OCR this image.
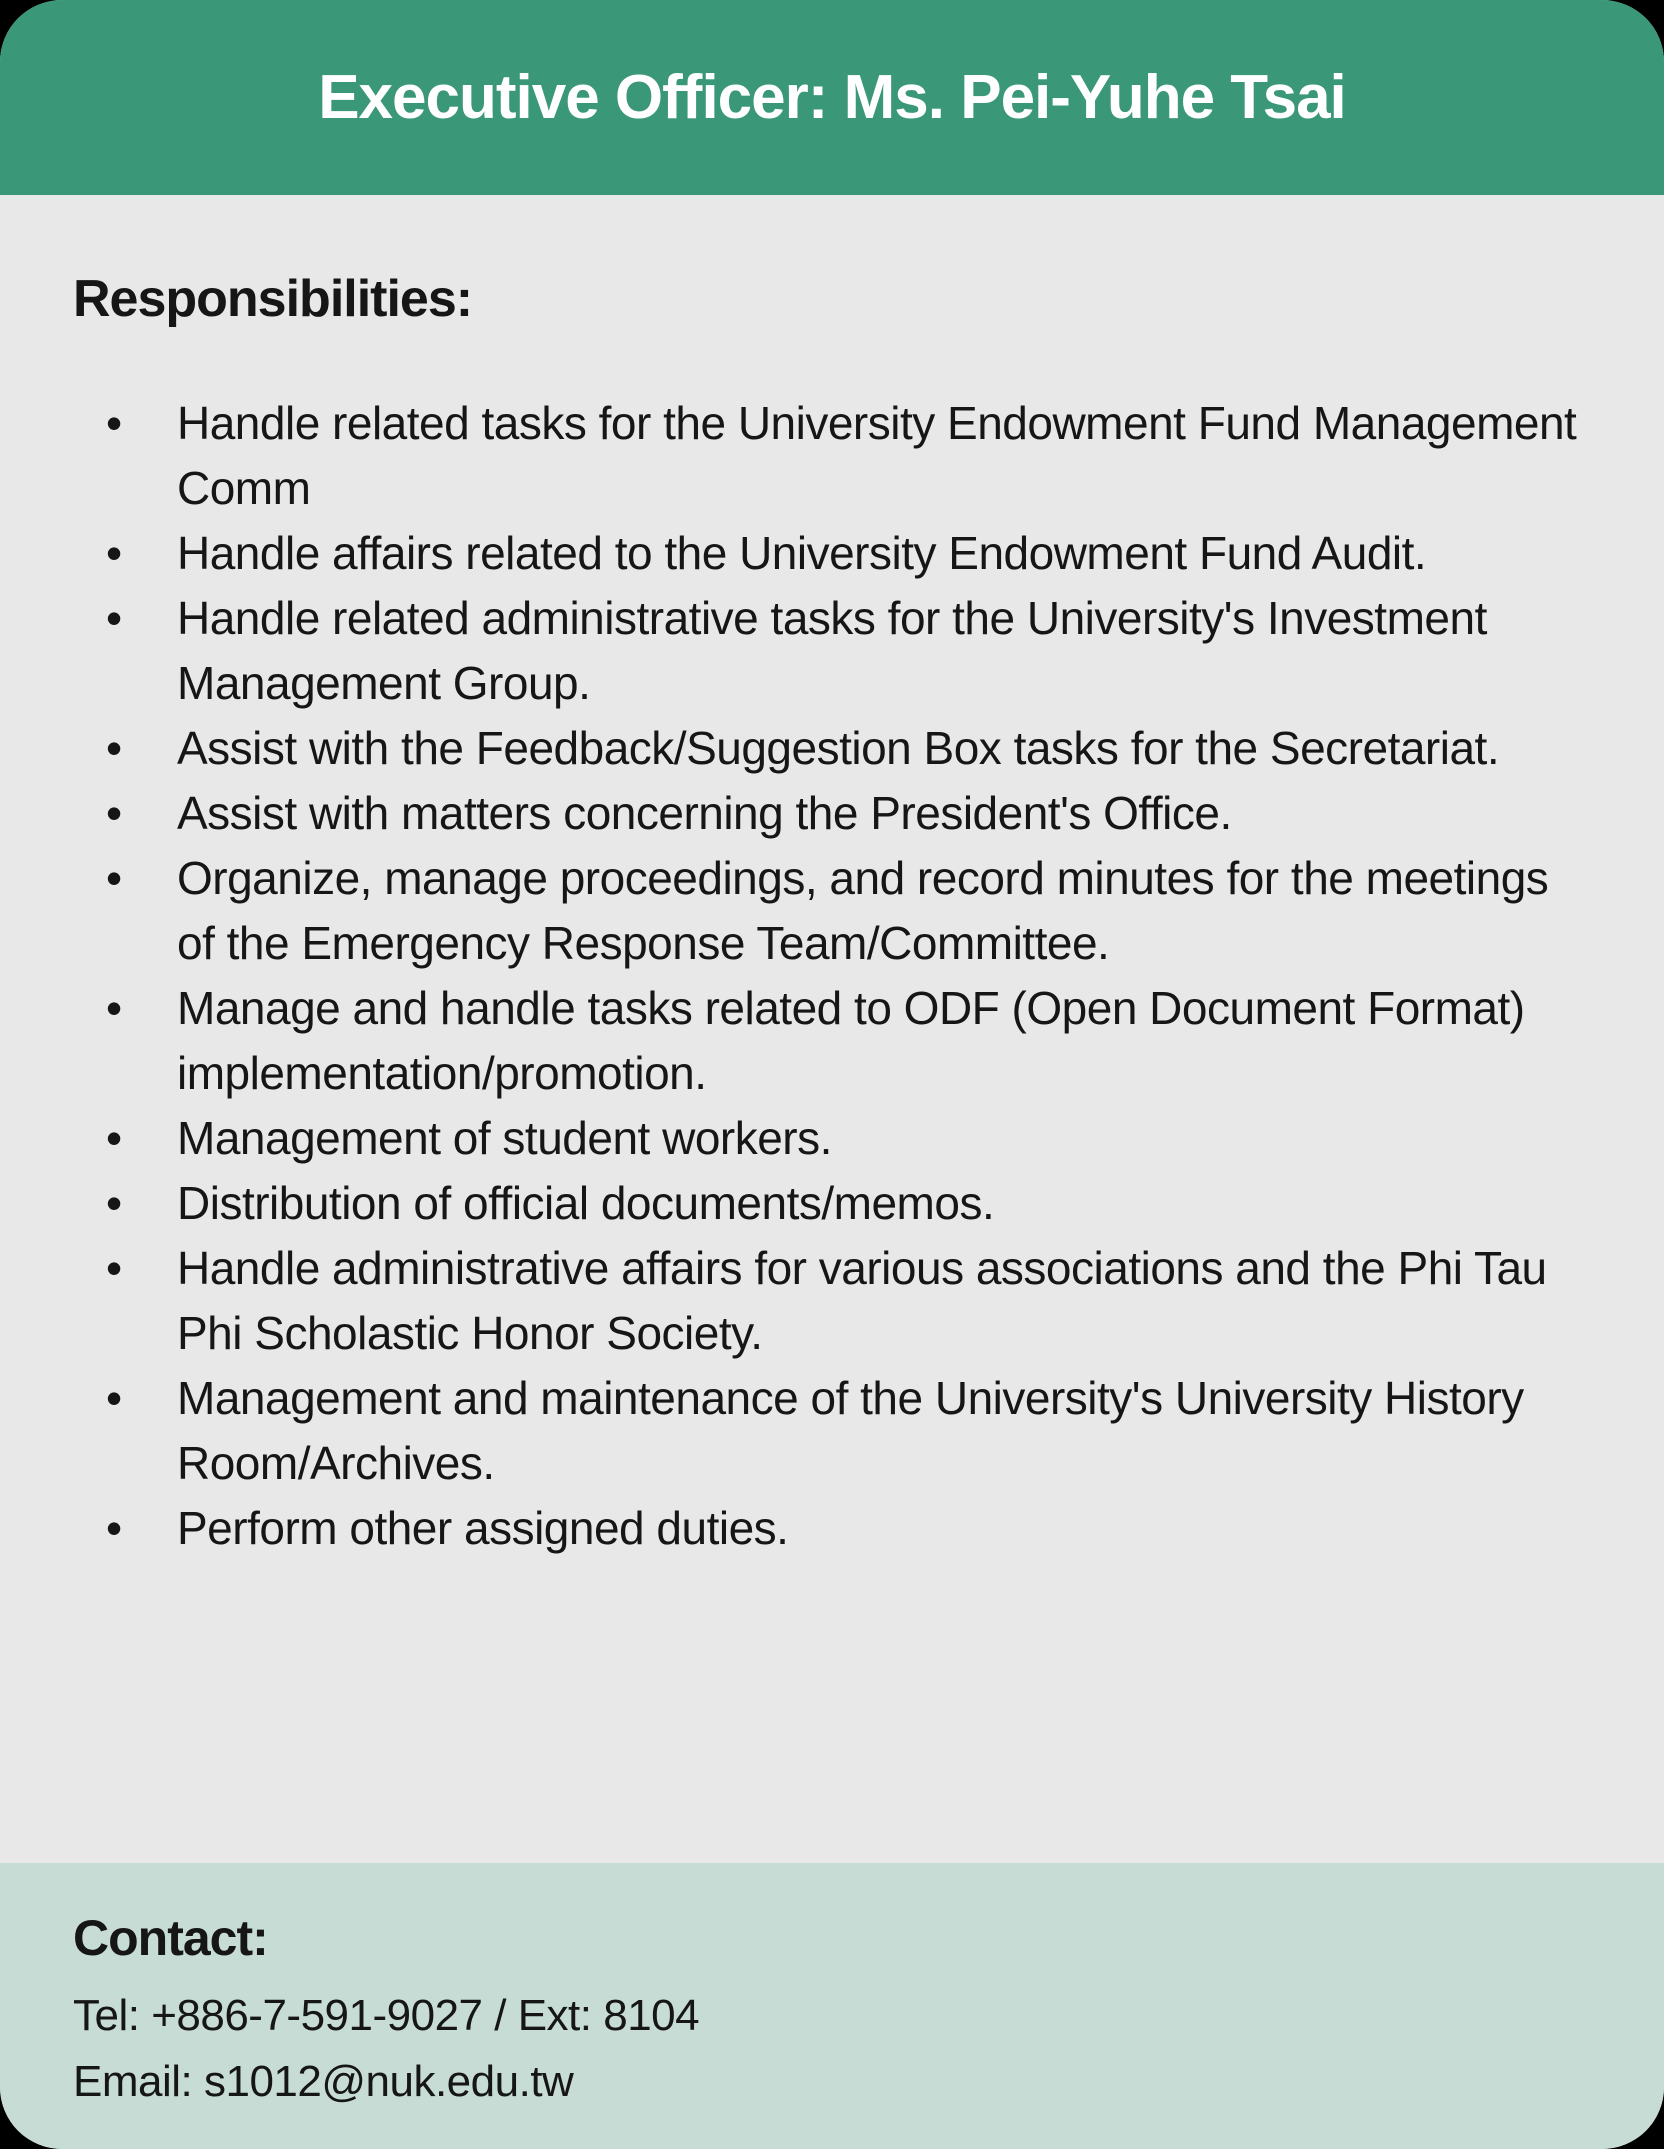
Executive Officer: Ms. Pei-Yuhe Tsai
Responsibilities:
• Handle related tasks for the University Endowment Fund Management Comm
• Handle affairs related to the University Endowment Fund Audit.
• Handle related administrative tasks for the University's Investment Management Group.
• Assist with the Feedback/Suggestion Box tasks for the Secretariat.
• Assist with matters concerning the President's Office.
• Organize, manage proceedings, and record minutes for the meetings of the Emergency Response Team/Committee.
• Manage and handle tasks related to ODF (Open Document Format) implementation/promotion.
• Management of student workers.
• Distribution of official documents/memos.
• Handle administrative affairs for various associations and the Phi Tau Phi Scholastic Honor Society.
• Management and maintenance of the University's University History Room/Archives.
• Perform other assigned duties.
Contact:
Tel: +886-7-591-9027 / Ext: 8104
Email: s1012@nuk.edu.tw
